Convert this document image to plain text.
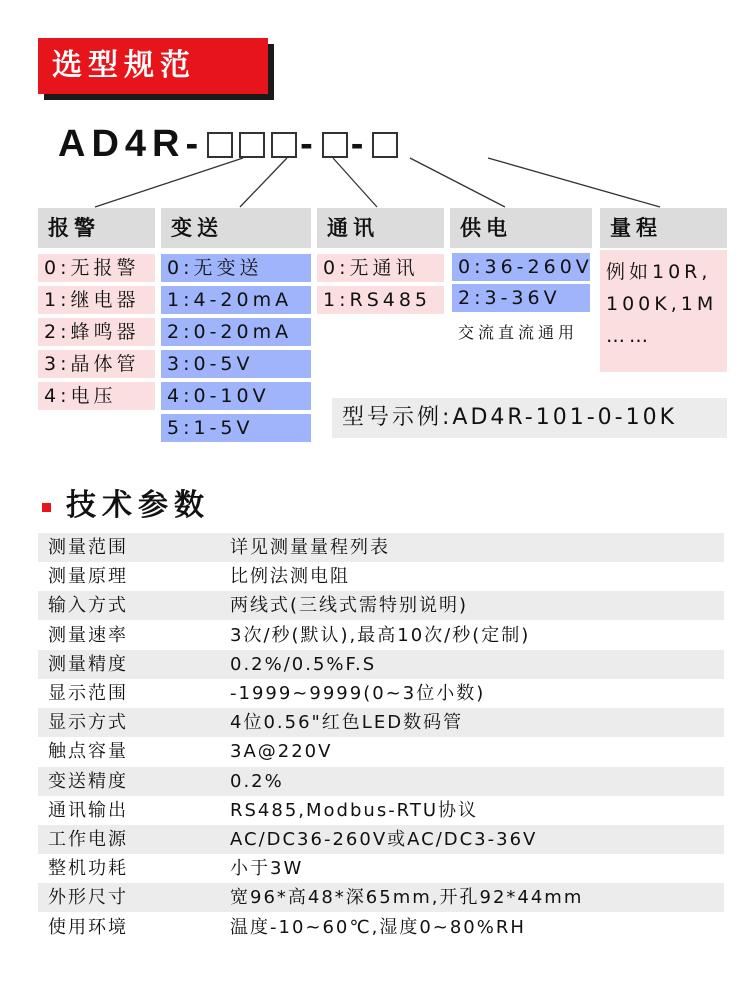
选型规范
AD4R-	- -
报警
0:无报警
1:继电器
2:蜂鸣器
3:晶体管
4:电压
变送
0:无变送
1:4-20mA
2:0-20mA
3:0-5V
4:0-10V
5:1-5V
通讯
0:无通讯
1:RS485
供电
0:36-260V
2:3-36V
交流直流通用
量程
例如10R,
100K,1M
……
型号示例:AD4R-101-0-10K
技术参数
测量范围	详见测量量程列表
测量原理	比例法测电阻
输入方式	两线式(三线式需特别说明)
测量速率	3次/秒(默认),最高10次/秒(定制)
测量精度	0.2%/0.5%F.S
显示范围	-1999~9999(0~3位小数)
显示方式	4位0.56"红色LED数码管
触点容量	3A@220V
变送精度	0.2%
通讯输出	RS485,Modbus-RTU协议
工作电源	AC/DC36-260V或AC/DC3-36V
整机功耗	小于3W
外形尺寸	宽96*高48*深65mm,开孔92*44mm
使用环境	温度-10~60℃,湿度0~80%RH
